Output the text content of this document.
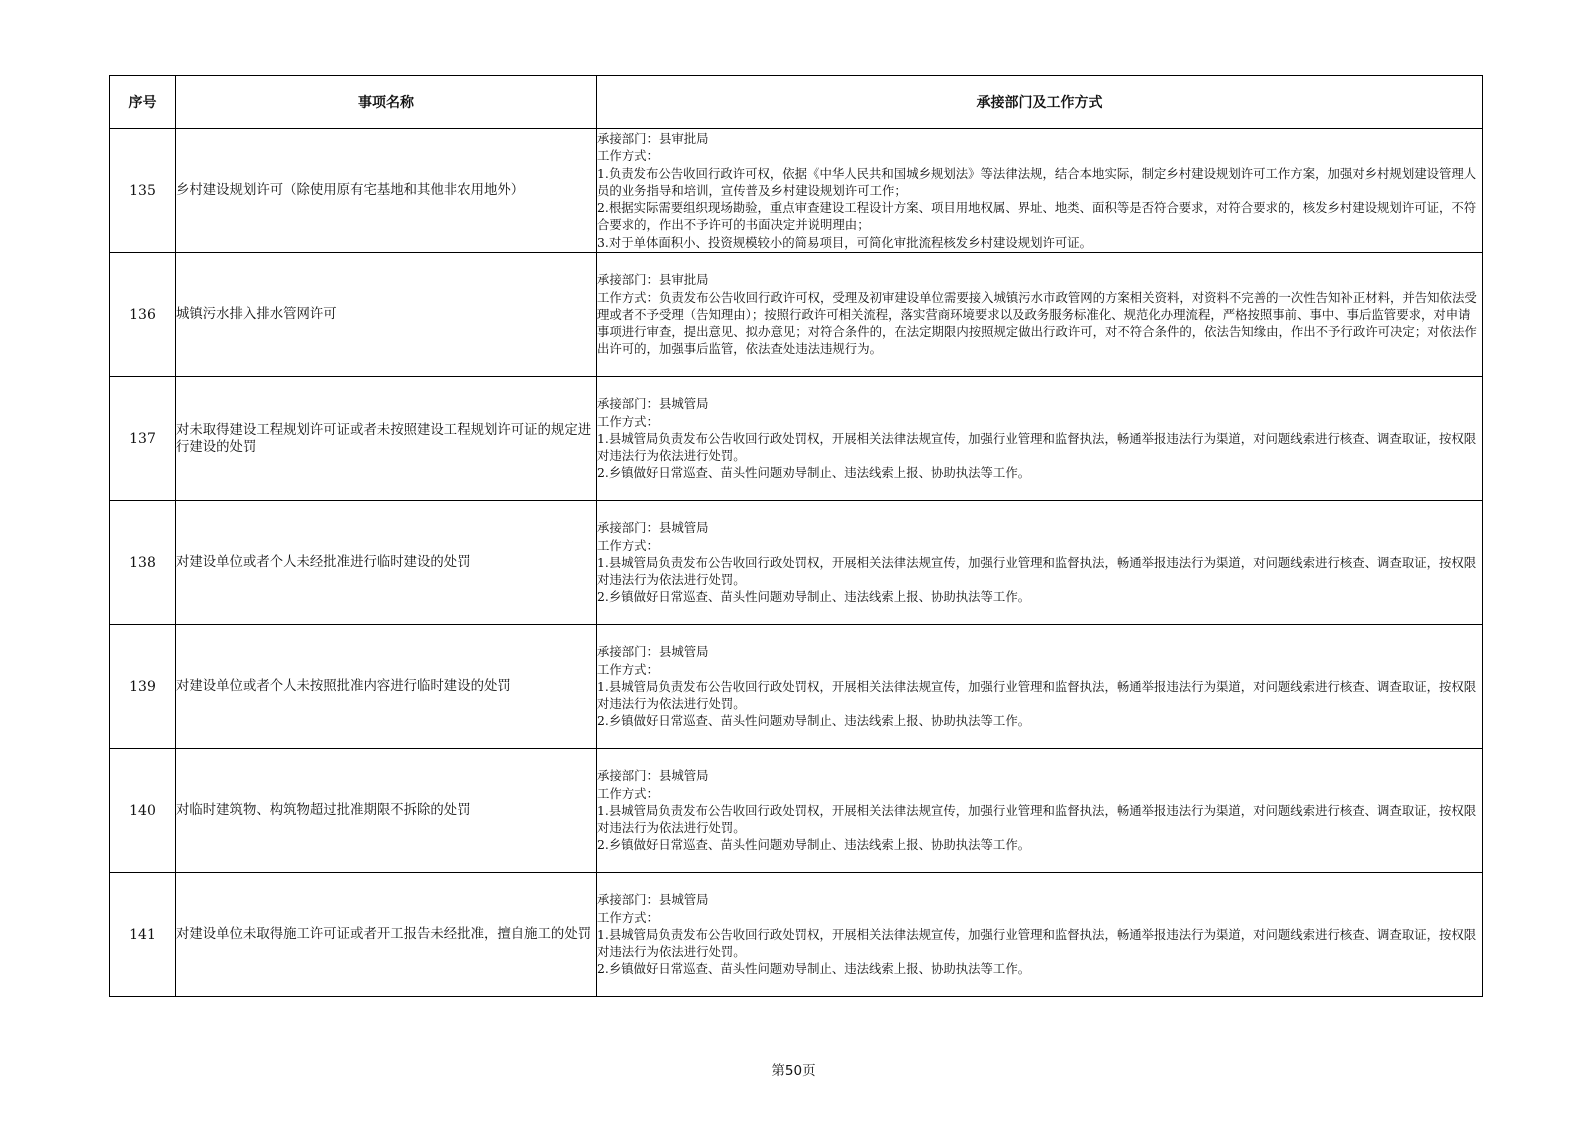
序号	事项名称	承接部门及工作方式
135	乡村建设规划许可（除使用原有宅基地和其他非农用地外）	承接部门：县审批局
工作方式：
1.负责发布公告收回行政许可权，依据《中华人民共和国城乡规划法》等法律法规，结合本地实际，制定乡村建设规划许可工作方案，加强对乡村规划建设管理人员的业务指导和培训，宣传普及乡村建设规划许可工作；
2.根据实际需要组织现场勘验，重点审查建设工程设计方案、项目用地权属、界址、地类、面积等是否符合要求，对符合要求的，核发乡村建设规划许可证，不符合要求的，作出不予许可的书面决定并说明理由；
3.对于单体面积小、投资规模较小的简易项目，可简化审批流程核发乡村建设规划许可证。

136	城镇污水排入排水管网许可	承接部门：县审批局
工作方式：负责发布公告收回行政许可权，受理及初审建设单位需要接入城镇污水市政管网的方案相关资料，对资料不完善的一次性告知补正材料，并告知依法受理或者不予受理（告知理由）；按照行政许可相关流程，落实营商环境要求以及政务服务标准化、规范化办理流程，严格按照事前、事中、事后监管要求，对申请事项进行审查，提出意见、拟办意见；对符合条件的，在法定期限内按照规定做出行政许可，对不符合条件的，依法告知缘由，作出不予行政许可决定；对依法作出许可的，加强事后监管，依法查处违法违规行为。

137	对未取得建设工程规划许可证或者未按照建设工程规划许可证的规定进行建设的处罚	承接部门：县城管局
工作方式：
1.县城管局负责发布公告收回行政处罚权，开展相关法律法规宣传，加强行业管理和监督执法，畅通举报违法行为渠道，对问题线索进行核查、调查取证，按权限对违法行为依法进行处罚。
2.乡镇做好日常巡查、苗头性问题劝导制止、违法线索上报、协助执法等工作。

138	对建设单位或者个人未经批准进行临时建设的处罚	承接部门：县城管局
工作方式：
1.县城管局负责发布公告收回行政处罚权，开展相关法律法规宣传，加强行业管理和监督执法，畅通举报违法行为渠道，对问题线索进行核查、调查取证，按权限对违法行为依法进行处罚。
2.乡镇做好日常巡查、苗头性问题劝导制止、违法线索上报、协助执法等工作。

139	对建设单位或者个人未按照批准内容进行临时建设的处罚	承接部门：县城管局
工作方式：
1.县城管局负责发布公告收回行政处罚权，开展相关法律法规宣传，加强行业管理和监督执法，畅通举报违法行为渠道，对问题线索进行核查、调查取证，按权限对违法行为依法进行处罚。
2.乡镇做好日常巡查、苗头性问题劝导制止、违法线索上报、协助执法等工作。

140	对临时建筑物、构筑物超过批准期限不拆除的处罚	承接部门：县城管局
工作方式：
1.县城管局负责发布公告收回行政处罚权，开展相关法律法规宣传，加强行业管理和监督执法，畅通举报违法行为渠道，对问题线索进行核查、调查取证，按权限对违法行为依法进行处罚。
2.乡镇做好日常巡查、苗头性问题劝导制止、违法线索上报、协助执法等工作。

141	对建设单位未取得施工许可证或者开工报告未经批准，擅自施工的处罚	承接部门：县城管局
工作方式：
1.县城管局负责发布公告收回行政处罚权，开展相关法律法规宣传，加强行业管理和监督执法，畅通举报违法行为渠道，对问题线索进行核查、调查取证，按权限对违法行为依法进行处罚。
2.乡镇做好日常巡查、苗头性问题劝导制止、违法线索上报、协助执法等工作。
第50页
